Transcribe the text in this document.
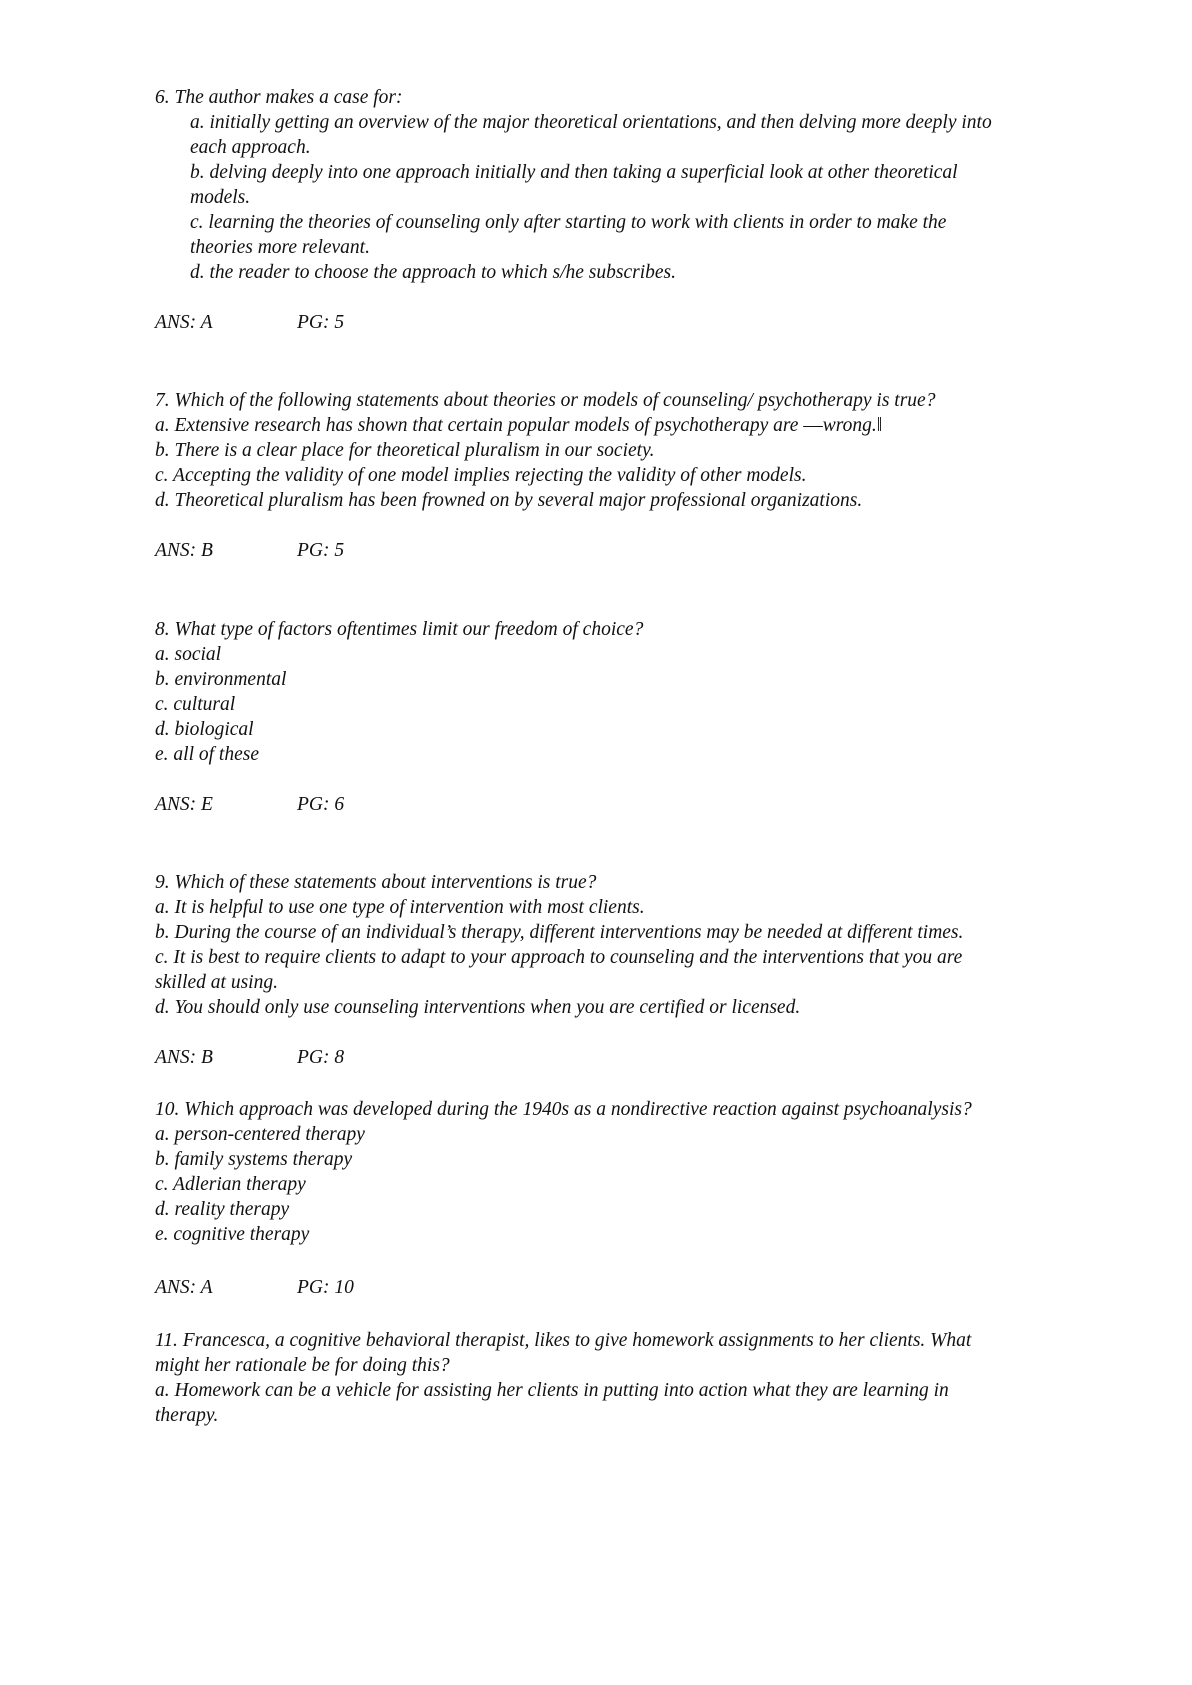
6. The author makes a case for:
a. initially getting an overview of the major theoretical orientations, and then delving more deeply into
each approach.
b. delving deeply into one approach initially and then taking a superficial look at other theoretical
models.
c. learning the theories of counseling only after starting to work with clients in order to make the
theories more relevant.
d. the reader to choose the approach to which s/he subscribes.
ANS: A	PG: 5
7. Which of the following statements about theories or models of counseling/ psychotherapy is true?
a. Extensive research has shown that certain popular models of psychotherapy are ―wrong.‖
b. There is a clear place for theoretical pluralism in our society.
c. Accepting the validity of one model implies rejecting the validity of other models.
d. Theoretical pluralism has been frowned on by several major professional organizations.
ANS: B	PG: 5
8. What type of factors oftentimes limit our freedom of choice?
a. social
b. environmental
c. cultural
d. biological
e. all of these
ANS: E	PG: 6
9. Which of these statements about interventions is true?
a. It is helpful to use one type of intervention with most clients.
b. During the course of an individual’s therapy, different interventions may be needed at different times.
c. It is best to require clients to adapt to your approach to counseling and the interventions that you are
skilled at using.
d. You should only use counseling interventions when you are certified or licensed.
ANS: B	PG: 8
10. Which approach was developed during the 1940s as a nondirective reaction against psychoanalysis?
a. person-centered therapy
b. family systems therapy
c. Adlerian therapy
d. reality therapy
e. cognitive therapy
ANS: A	PG: 10
11. Francesca, a cognitive behavioral therapist, likes to give homework assignments to her clients. What
might her rationale be for doing this?
a. Homework can be a vehicle for assisting her clients in putting into action what they are learning in
therapy.
